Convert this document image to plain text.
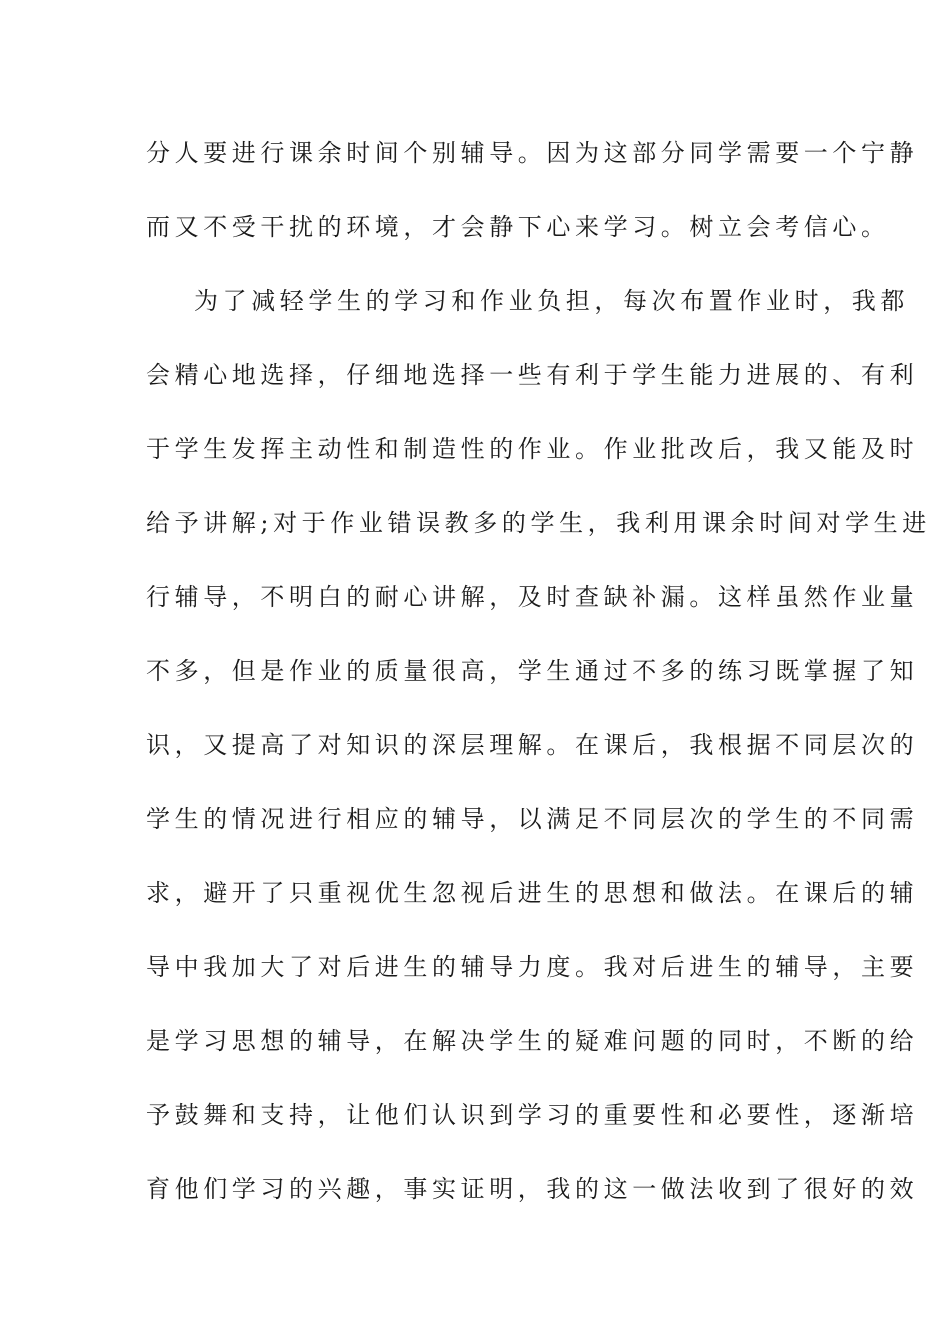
分人要进行课余时间个别辅导。因为这部分同学需要一个宁静
而又不受干扰的环境，才会静下心来学习。树立会考信心。
为了减轻学生的学习和作业负担，每次布置作业时，我都
会精心地选择，仔细地选择一些有利于学生能力进展的、有利
于学生发挥主动性和制造性的作业。作业批改后，我又能及时
给予讲解;对于作业错误教多的学生，我利用课余时间对学生进
行辅导，不明白的耐心讲解，及时查缺补漏。这样虽然作业量
不多，但是作业的质量很高，学生通过不多的练习既掌握了知
识，又提高了对知识的深层理解。在课后，我根据不同层次的
学生的情况进行相应的辅导，以满足不同层次的学生的不同需
求，避开了只重视优生忽视后进生的思想和做法。在课后的辅
导中我加大了对后进生的辅导力度。我对后进生的辅导，主要
是学习思想的辅导，在解决学生的疑难问题的同时，不断的给
予鼓舞和支持，让他们认识到学习的重要性和必要性，逐渐培
育他们学习的兴趣，事实证明，我的这一做法收到了很好的效
